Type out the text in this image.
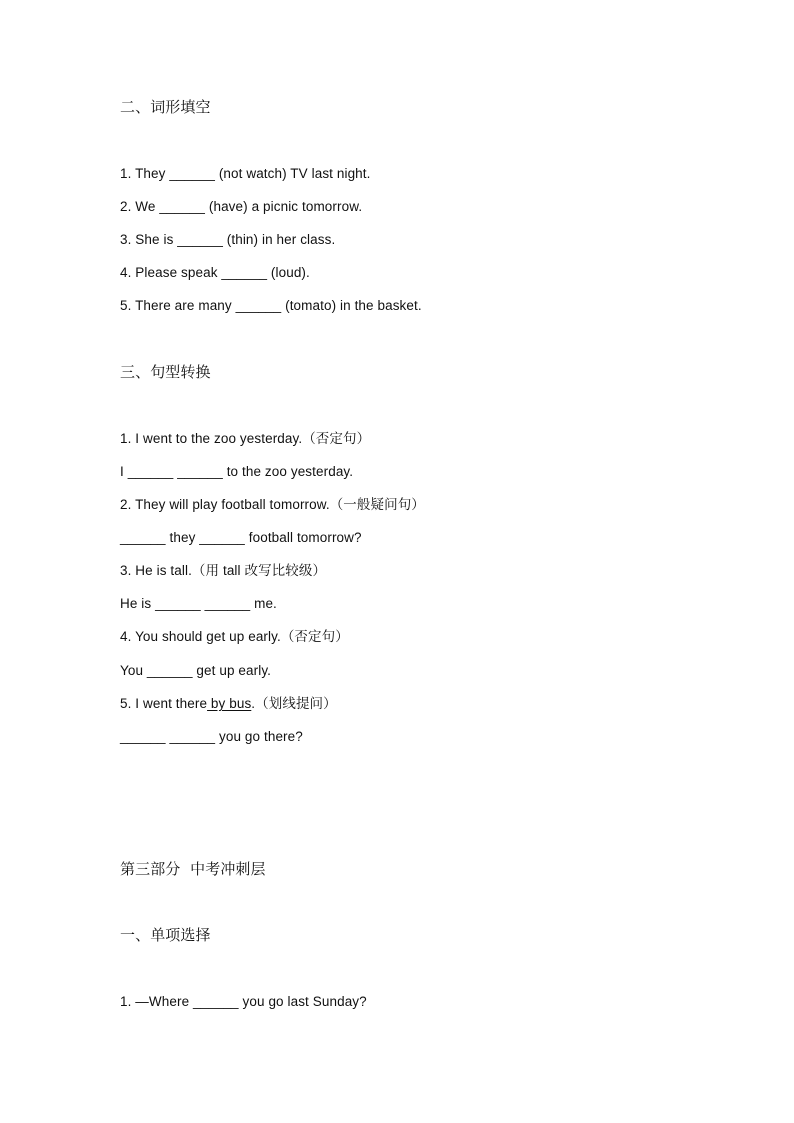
二、词形填空
1. They ______ (not watch) TV last night.
2. We ______ (have) a picnic tomorrow.
3. She is ______ (thin) in her class.
4. Please speak ______ (loud).
5. There are many ______ (tomato) in the basket.
三、句型转换
1. I went to the zoo yesterday.（否定句）
I ______ ______ to the zoo yesterday.
2. They will play football tomorrow.（一般疑问句）
______ they ______ football tomorrow?
3. He is tall.（用 tall 改写比较级）
He is ______ ______ me.
4. You should get up early.（否定句）
You ______ get up early.
5. I went there by bus.（划线提问）
______ ______ you go there?
第三部分  中考冲刺层
一、单项选择
1. —Where ______ you go last Sunday?
